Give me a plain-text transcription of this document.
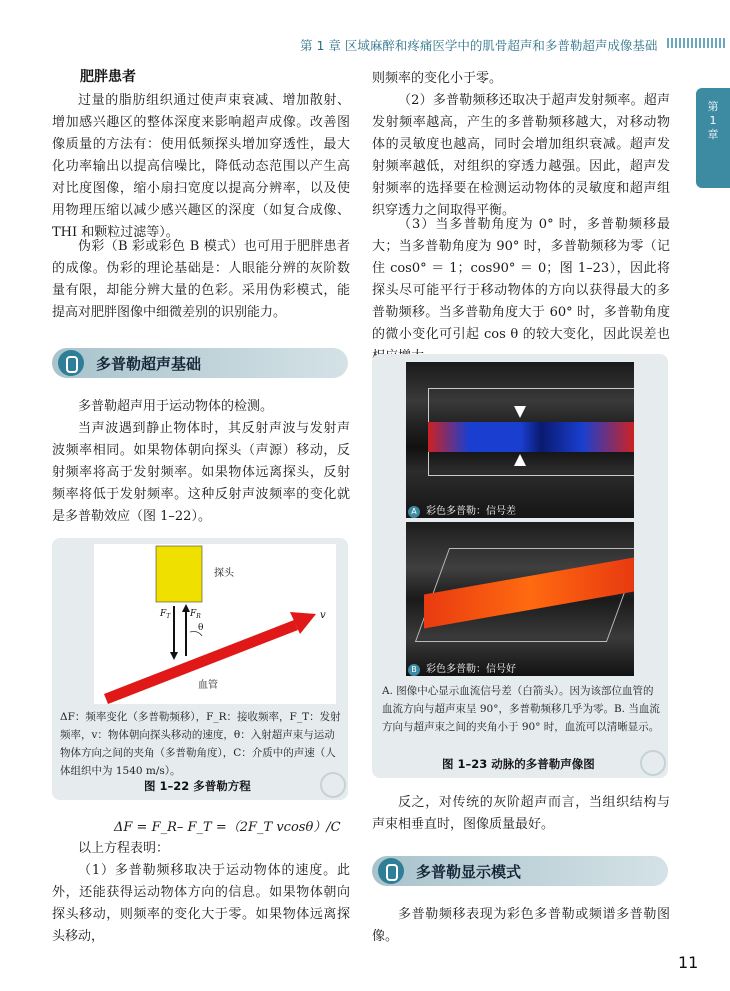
第 1 章 区域麻醉和疼痛医学中的肌骨超声和多普勒超声成像基础
第
1
章
肥胖患者

过量的脂肪组织通过使声束衰减、增加散射、增加感兴趣区的整体深度来影响超声成像。改善图像质量的方法有：使用低频探头增加穿透性，最大化功率输出以提高信噪比，降低动态范围以产生高对比度图像，缩小扇扫宽度以提高分辨率，以及使用物理压缩以减少感兴趣区的深度（如复合成像、THI 和颗粒过滤等）。

伪彩（B 彩或彩色 B 模式）也可用于肥胖患者的成像。伪彩的理论基础是：人眼能分辨的灰阶数量有限，却能分辨大量的色彩。采用伪彩模式，能提高对肥胖图像中细微差别的识别能力。

多普勒超声基础

多普勒超声用于运动物体的检测。

当声波遇到静止物体时，其反射声波与发射声波频率相同。如果物体朝向探头（声源）移动，反射频率将高于发射频率。如果物体远离探头，反射频率将低于发射频率。这种反射声波频率的变化就是多普勒效应（图 1–22）。

探头
$F_T$ $F_R$
θ
v
血管
ΔF：频率变化（多普勒频移），F_R：接收频率，F_T：发射频率，v：物体朝向探头移动的速度，θ：入射超声束与运动物体方向之间的夹角（多普勒角度），C：介质中的声速（人体组织中为 1540 m/s）。
图 1–22 多普勒方程
ΔF = F_R– F_T =（2F_T vcosθ）/C

以上方程表明：

（1）多普勒频移取决于运动物体的速度。此外，还能获得运动物体方向的信息。如果物体朝向探头移动，则频率的变化大于零。如果物体远离探头移动，

则频率的变化小于零。

（2）多普勒频移还取决于超声发射频率。超声发射频率越高，产生的多普勒频移越大，对移动物体的灵敏度也越高，同时会增加组织衰减。超声发射频率越低，对组织的穿透力越强。因此，超声发射频率的选择要在检测运动物体的灵敏度和超声组织穿透力之间取得平衡。

（3）当多普勒角度为 0° 时，多普勒频移最大；当多普勒角度为 90° 时，多普勒频移为零（记住 cos0° ＝ 1；cos90° ＝ 0；图 1–23），因此将探头尽可能平行于移动物体的方向以获得最大的多普勒频移。当多普勒角度大于 60° 时，多普勒角度的微小变化可引起 cos θ 的较大变化，因此误差也

A 彩色多普勒：信号差
B 彩色多普勒：信号好
A. 图像中心显示血流信号差（白箭头）。因为该部位血管的血流方向与超声束呈 90°，多普勒频移几乎为零。B. 当血流方向与超声束之间的夹角小于 90° 时，血流可以清晰显示。
图 1–23 动脉的多普勒声像图

反之，对传统的灰阶超声而言，当组织结构与声束相垂直时，图像质量最好。

多普勒显示模式

多普勒频移表现为彩色多普勒或频谱多普勒图像。

11
